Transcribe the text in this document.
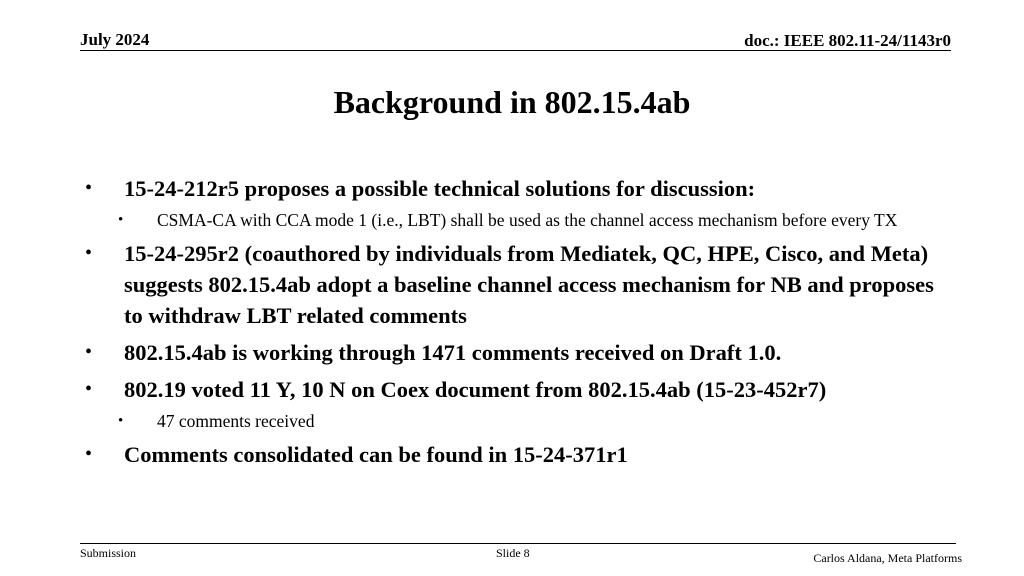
July 2024	doc.: IEEE 802.11-24/1143r0
Background in 802.15.4ab
• 15-24-212r5 proposes a possible technical solutions for discussion:
• CSMA-CA with CCA mode 1 (i.e., LBT) shall be used as the channel access mechanism before every TX
• 15-24-295r2 (coauthored by individuals from Mediatek, QC, HPE, Cisco, and Meta) suggests 802.15.4ab adopt a baseline channel access mechanism for NB and proposes to withdraw LBT related comments
• 802.15.4ab is working through 1471 comments received on Draft 1.0.
• 802.19 voted 11 Y, 10 N on Coex document from 802.15.4ab (15-23-452r7)
• 47 comments received
• Comments consolidated can be found in 15-24-371r1
Submission	Slide 8	Carlos Aldana, Meta Platforms
